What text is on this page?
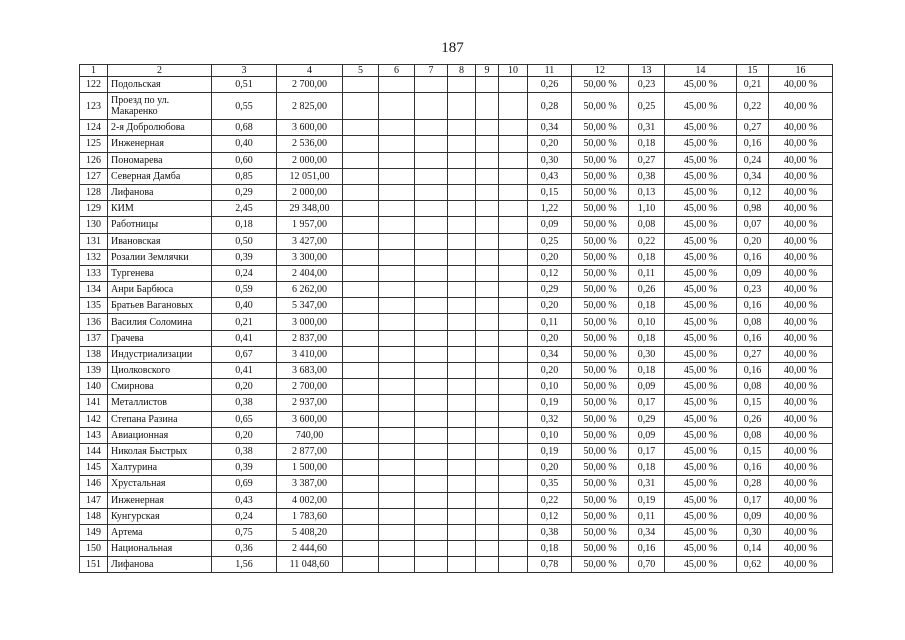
187
1	2	3	4	5	6	7	8	9	10	11	12	13	14	15	16
122	Подольская	0,51	2 700,00							0,26	50,00 %	0,23	45,00 %	0,21	40,00 %
123	Проезд по ул. Макаренко	0,55	2 825,00							0,28	50,00 %	0,25	45,00 %	0,22	40,00 %
124	2-я Добролюбова	0,68	3 600,00							0,34	50,00 %	0,31	45,00 %	0,27	40,00 %
125	Инженерная	0,40	2 536,00							0,20	50,00 %	0,18	45,00 %	0,16	40,00 %
126	Пономарева	0,60	2 000,00							0,30	50,00 %	0,27	45,00 %	0,24	40,00 %
127	Северная Дамба	0,85	12 051,00							0,43	50,00 %	0,38	45,00 %	0,34	40,00 %
128	Лифанова	0,29	2 000,00							0,15	50,00 %	0,13	45,00 %	0,12	40,00 %
129	КИМ	2,45	29 348,00							1,22	50,00 %	1,10	45,00 %	0,98	40,00 %
130	Работницы	0,18	1 957,00							0,09	50,00 %	0,08	45,00 %	0,07	40,00 %
131	Ивановская	0,50	3 427,00							0,25	50,00 %	0,22	45,00 %	0,20	40,00 %
132	Розалии Землячки	0,39	3 300,00							0,20	50,00 %	0,18	45,00 %	0,16	40,00 %
133	Тургенева	0,24	2 404,00							0,12	50,00 %	0,11	45,00 %	0,09	40,00 %
134	Анри Барбюса	0,59	6 262,00							0,29	50,00 %	0,26	45,00 %	0,23	40,00 %
135	Братьев Вагановых	0,40	5 347,00							0,20	50,00 %	0,18	45,00 %	0,16	40,00 %
136	Василия Соломина	0,21	3 000,00							0,11	50,00 %	0,10	45,00 %	0,08	40,00 %
137	Грачева	0,41	2 837,00							0,20	50,00 %	0,18	45,00 %	0,16	40,00 %
138	Индустриализации	0,67	3 410,00							0,34	50,00 %	0,30	45,00 %	0,27	40,00 %
139	Циолковского	0,41	3 683,00							0,20	50,00 %	0,18	45,00 %	0,16	40,00 %
140	Смирнова	0,20	2 700,00							0,10	50,00 %	0,09	45,00 %	0,08	40,00 %
141	Металлистов	0,38	2 937,00							0,19	50,00 %	0,17	45,00 %	0,15	40,00 %
142	Степана Разина	0,65	3 600,00							0,32	50,00 %	0,29	45,00 %	0,26	40,00 %
143	Авиационная	0,20	740,00							0,10	50,00 %	0,09	45,00 %	0,08	40,00 %
144	Николая Быстрых	0,38	2 877,00							0,19	50,00 %	0,17	45,00 %	0,15	40,00 %
145	Халтурина	0,39	1 500,00							0,20	50,00 %	0,18	45,00 %	0,16	40,00 %
146	Хрустальная	0,69	3 387,00							0,35	50,00 %	0,31	45,00 %	0,28	40,00 %
147	Инженерная	0,43	4 002,00							0,22	50,00 %	0,19	45,00 %	0,17	40,00 %
148	Кунгурская	0,24	1 783,60							0,12	50,00 %	0,11	45,00 %	0,09	40,00 %
149	Артема	0,75	5 408,20							0,38	50,00 %	0,34	45,00 %	0,30	40,00 %
150	Национальная	0,36	2 444,60							0,18	50,00 %	0,16	45,00 %	0,14	40,00 %
151	Лифанова	1,56	11 048,60							0,78	50,00 %	0,70	45,00 %	0,62	40,00 %
